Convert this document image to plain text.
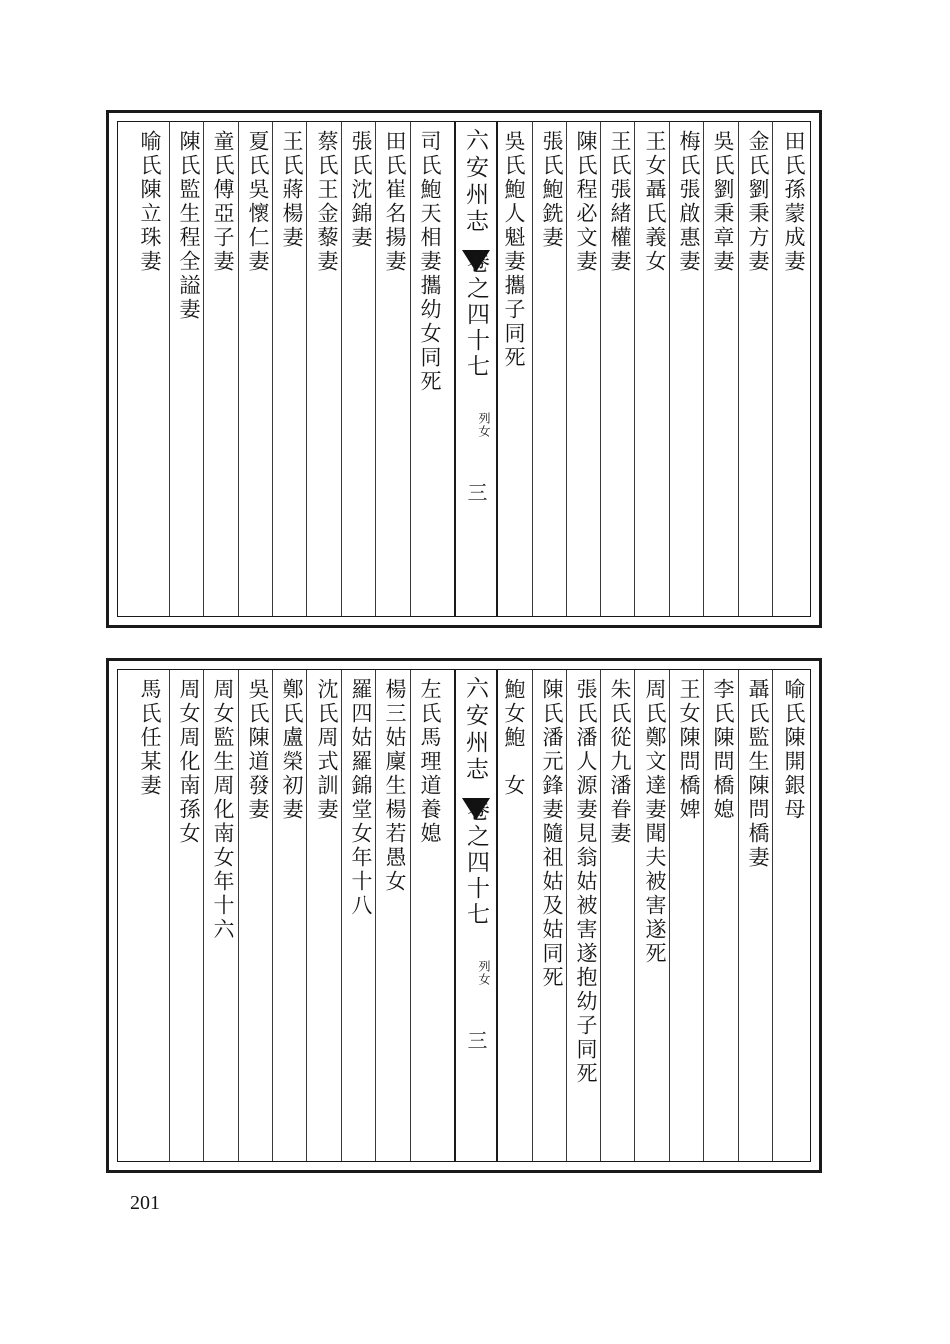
田氏孫蒙成妻
金氏劉秉方妻
吳氏劉秉章妻
梅氏張啟惠妻
王女聶氏義女
王氏張緒權妻
陳氏程必文妻
張氏鮑銑妻
吳氏鮑人魁妻攜子同死
六安州志
卷之四十七
列女
三
司氏鮑天相妻攜幼女同死
田氏崔名揚妻
張氏沈錦妻
蔡氏王金藜妻
王氏蔣楊妻
夏氏吳懷仁妻
童氏傅亞子妻
陳氏監生程全謚妻
喻氏陳立珠妻
喻氏陳開銀母
聶氏監生陳問橋妻
李氏陳問橋媳
王女陳問橋婢
周氏鄭文達妻聞夫被害遂死
朱氏從九潘眷妻
張氏潘人源妻見翁姑被害遂抱幼子同死
陳氏潘元鋒妻隨祖姑及姑同死
鮑女鮑　女
六安州志
卷之四十七
列女
三
左氏馬理道養媳
楊三姑廩生楊若愚女
羅四姑羅錦堂女年十八
沈氏周式訓妻
鄭氏盧榮初妻
吳氏陳道發妻
周女監生周化南女年十六
周女周化南孫女
馬氏任某妻
201
